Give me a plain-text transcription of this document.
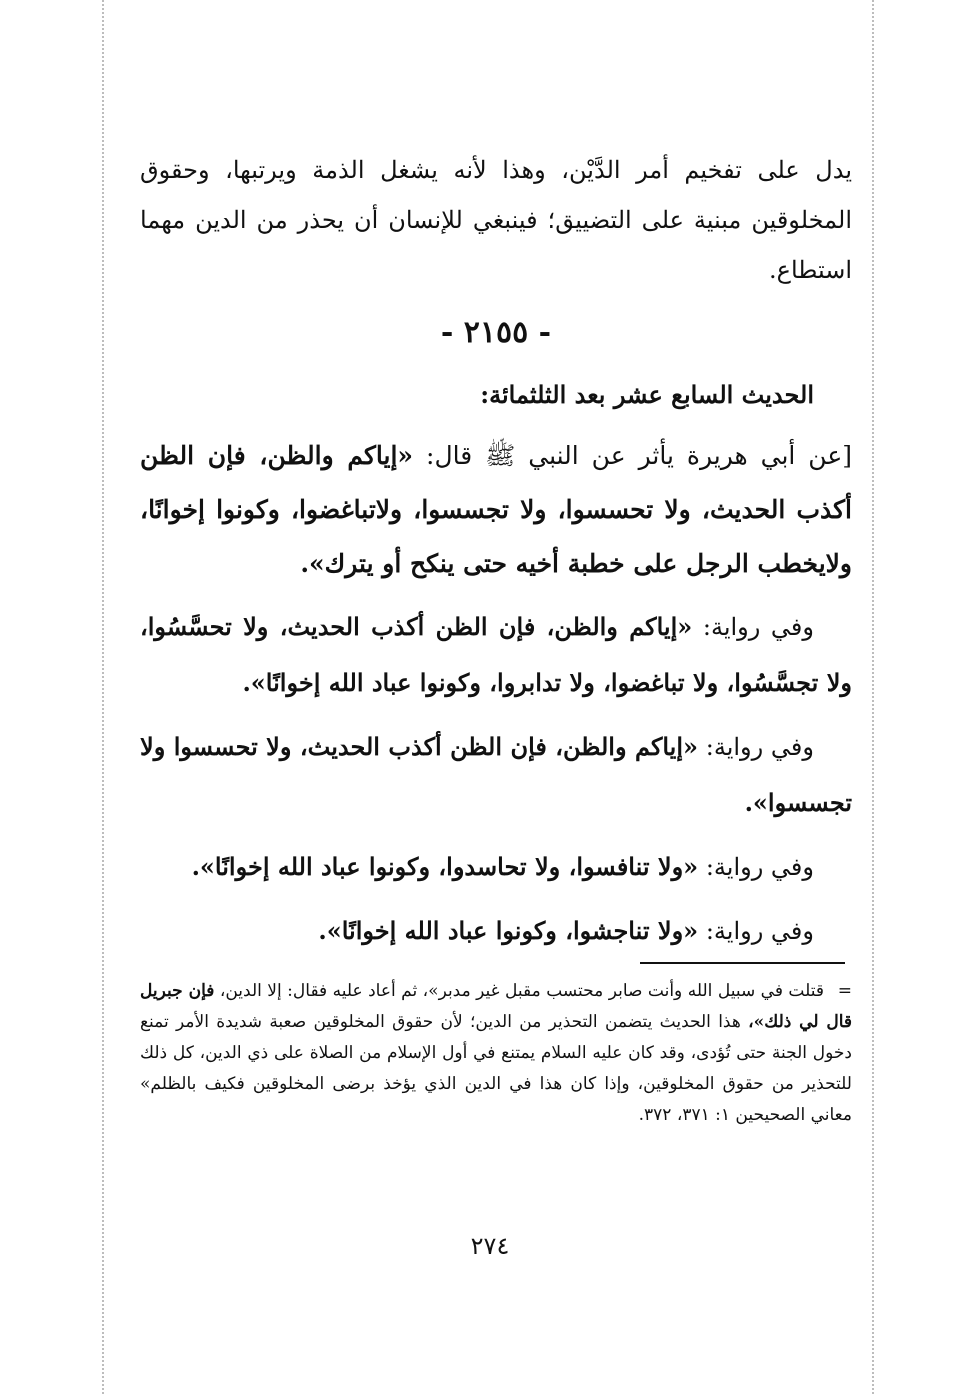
يدل على تفخيم أمر الدَّيْن، وهذا لأنه يشغل الذمة ويرتبها، وحقوق المخلوقين مبنية على التضييق؛ فينبغي للإنسان أن يحذر من الدين مهما استطاع.

- ٢١٥٥ -
الحديث السابع عشر بعد الثلثمائة:

[عن أبي هريرة يأثر عن النبي ﷺ قال: «إياكم والظن، فإن الظن أكذب الحديث، ولا تحسسوا، ولا تجسسوا، ولاتباغضوا، وكونوا إخوانًا، ولايخطب الرجل على خطبة أخيه حتى ينكح أو يترك».

وفي رواية: «إياكم والظن، فإن الظن أكذب الحديث، ولا تحسَّسُوا، ولا تجسَّسُوا، ولا تباغضوا، ولا تدابروا، وكونوا عباد الله إخوانًا».

وفي رواية: «إياكم والظن، فإن الظن أكذب الحديث، ولا تحسسوا ولا تجسسوا».

وفي رواية: «ولا تنافسوا، ولا تحاسدوا، وكونوا عباد الله إخوانًا».

وفي رواية: «ولا تناجشوا، وكونوا عباد الله إخوانًا».

=قتلت في سبيل الله وأنت صابر محتسب مقبل غير مدبر»، ثم أعاد عليه فقال: إلا الدين، فإن جبريل قال لي ذلك»، هذا الحديث يتضمن التحذير من الدين؛ لأن حقوق المخلوقين صعبة شديدة الأمر تمنع دخول الجنة حتى تُؤدى، وقد كان عليه السلام يمتنع في أول الإسلام من الصلاة على ذي الدين، كل ذلك للتحذير من حقوق المخلوقين، وإذا كان هذا في الدين الذي يؤخذ برضى المخلوقين فكيف بالظلم» معاني الصحيحين ١: ٣٧١، ٣٧٢.
٢٧٤
